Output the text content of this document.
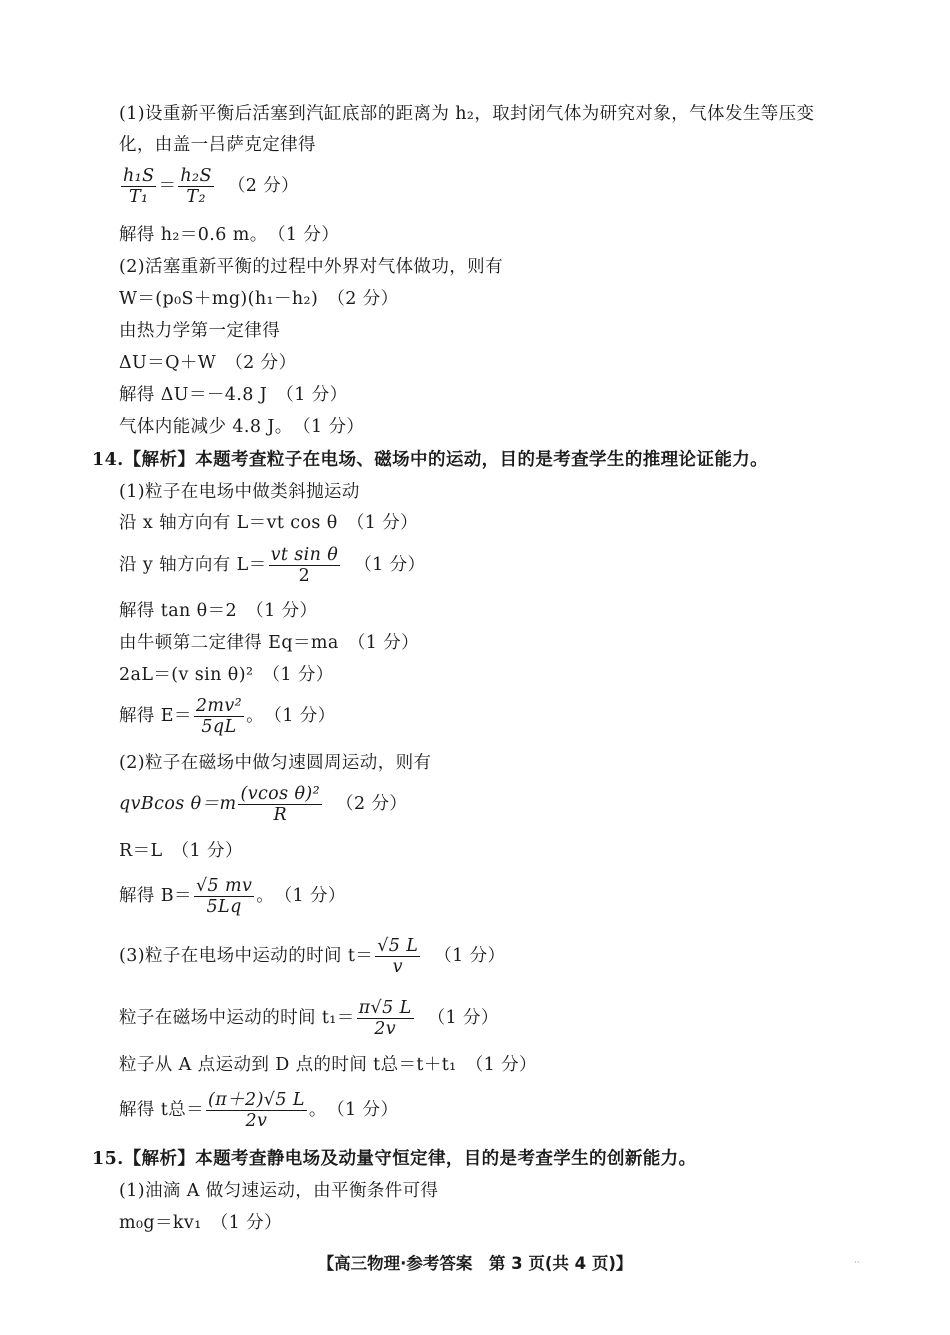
(1)设重新平衡后活塞到汽缸底部的距离为 h₂，取封闭气体为研究对象，气体发生等压变
化，由盖一吕萨克定律得
$\frac{\text{h₁S}}{\text{T₁}} = \frac{\text{h₂S}}{\text{T₂}} (2$ 分）
解得 h₂＝0.6 m。　（1 分）
(2)活塞重新平衡的过程中外界对气体做功，则有
W＝(p₀S＋mg)(h₁－h₂)　（2 分）
由热力学第一定律得
ΔU＝Q＋W　（2 分）
解得 ΔU＝－4.8 J　（1 分）
气体内能减少 4.8 J。　（1 分）
14.【解析】本题考查粒子在电场、磁场中的运动，目的是考查学生的推理论证能力。
(1)粒子在电场中做类斜抛运动
沿 x 轴方向有 L＝vt cos θ　（1 分）
沿 y 轴方向有 $L= \frac{\text{vt sin θ}}{2} (1$ 分）
解得 tan θ＝2　（1 分）
由牛顿第二定律得 Eq＝ma　（1 分）
2aL＝(v sin θ)²　（1 分）
解得 $E= \frac{\text{2mv²}}{5qL}$ 。　（1 分）
(2)粒子在磁场中做匀速圆周运动，则有
qvBcos $\theta=m \frac{\text{(vcos θ)²}}{R} (2$ 分）
R＝L　（1 分）
解得 $B= \frac{√5 mv}{5Lq}$ 。　（1 分）
(3)粒子在电场中运动的时间 $t= \frac{√5 L}{v} (1$ 分）
粒子在磁场中运动的时间 $t_1= \frac{\pi√5 L}{2v} (1$ 分）
粒子从 A 点运动到 D 点的时间 t总＝t＋t₁　（1 分）
解得 t总＝ $\frac{(\pi+2)√5 L}{2v}$ 。　（1 分）
15.【解析】本题考查静电场及动量守恒定律，目的是考查学生的创新能力。
(1)油滴 A 做匀速运动，由平衡条件可得
m₀g＝kv₁　（1 分）
【高三物理·参考答案　第 3 页(共 4 页)】	··
